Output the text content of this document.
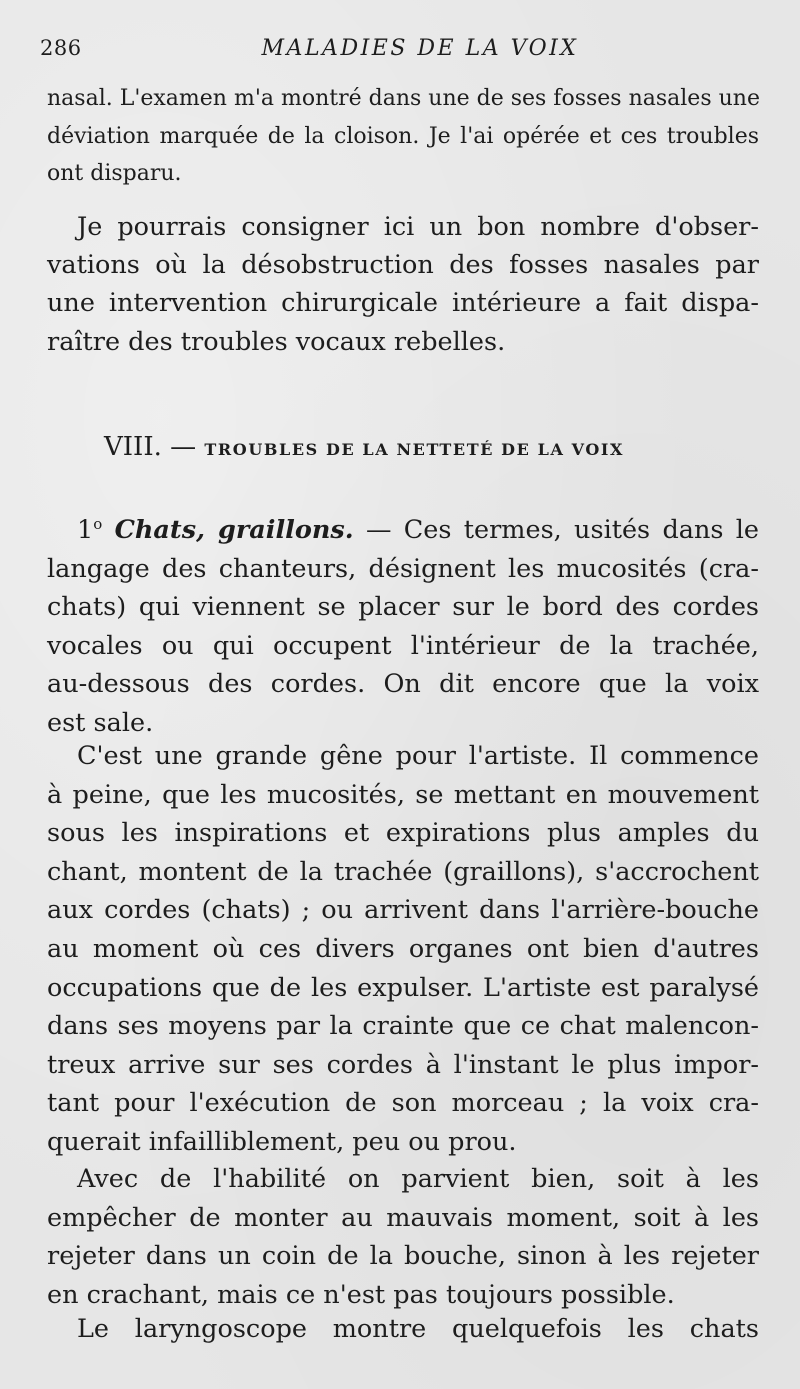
286	MALADIES DE LA VOIX
nasal. L'examen m'a montré dans une de ses fosses nasales une
déviation marquée de la cloison. Je l'ai opérée et ces troubles
ont disparu.
Je pourrais consigner ici un bon nombre d'obser-
vations où la désobstruction des fosses nasales par
une intervention chirurgicale intérieure a fait dispa-
raître des troubles vocaux rebelles.
VIII. — TROUBLES DE LA NETTETÉ DE LA VOIX
1$^o$ Chats, graillons. — Ces termes, usités dans le
langage des chanteurs, désignent les mucosités (cra-
chats) qui viennent se placer sur le bord des cordes
vocales ou qui occupent l'intérieur de la trachée,
au-dessous des cordes. On dit encore que la voix
est sale.
C'est une grande gêne pour l'artiste. Il commence
à peine, que les mucosités, se mettant en mouvement
sous les inspirations et expirations plus amples du
chant, montent de la trachée (graillons), s'accrochent
aux cordes (chats) ; ou arrivent dans l'arrière-bouche
au moment où ces divers organes ont bien d'autres
occupations que de les expulser. L'artiste est paralysé
dans ses moyens par la crainte que ce chat malencon-
treux arrive sur ses cordes à l'instant le plus impor-
tant pour l'exécution de son morceau ; la voix cra-
querait infailliblement, peu ou prou.
Avec de l'habilité on parvient bien, soit à les
empêcher de monter au mauvais moment, soit à les
rejeter dans un coin de la bouche, sinon à les rejeter
en crachant, mais ce n'est pas toujours possible.
Le laryngoscope montre quelquefois les chats
